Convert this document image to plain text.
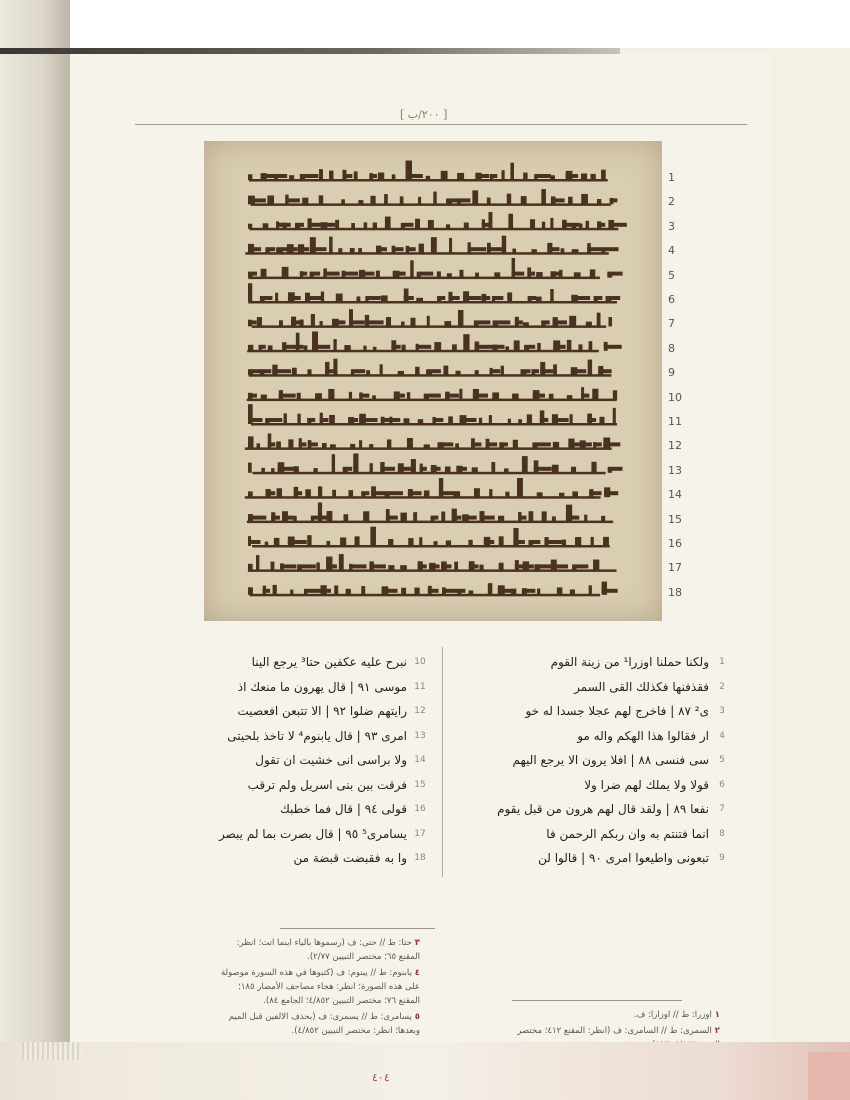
[ ٢٠٠/ب ]
1
2
3
4
5
6
7
8
9
10
11
12
13
14
15
16
17
18
1
ولكنا حملنا اوزرا¹ من زينة القوم
2
فقذفنها فكذلك القى السمر
3
ى² ٨٧ | فاخرج لهم عجلا جسدا له خو
4
ار فقالوا هذا الهكم واله مو
5
سى فنسى ٨٨ | افلا يرون الا يرجع اليهم
6
قولا ولا يملك لهم ضرا ولا
7
نفعا ٨٩ | ولقد قال لهم هرون من قبل يقوم
8
انما فتنتم به وان ربكم الرحمن فا
9
تبعونى واطيعوا امرى ٩٠ | قالوا لن
10
نبرح عليه عكفين حتا³ يرجع الينا
11
موسى ٩١ | قال يهرون ما منعك اذ
12
رايتهم ضلوا ٩٢ | الا تتبعن افعصيت
13
امرى ٩٣ | قال يابنوم⁴ لا تاخذ بلحيتى
14
ولا براسى انى خشيت ان تقول
15
فرقت بين بنى اسريل ولم ترقب
16
قولى ٩٤ | قال فما خطبك
17
يسامرى⁵ ٩٥ | قال بصرت بما لم يبصر
18
وا به فقبضت قبضة من
٣ حتا: ط // حتى: ف (رسموها بالياء اينما اتت؛ انظر: المقنع ٦٥؛ مختصر التبيين ٢/٧٧).
٤ يابنوم: ط // يبنوم: ف (كتبوها في هذه السورة موصولة على هذه الصورة؛ انظر: هجاء مصاحف الأمصار ١٨٥؛ المقنع ٧٦؛ مختصر التبيين ٤/٨٥٢؛ الجامع ٨٤).
٥ يسامرى: ط // يسمرى: ف (بحذف الالفين قبل الميم وبعدها؛ انظر: مختصر التبيين ٤/٨٥٢).
١ اوزرا: ط // اوزارا: ف.
٢ السمرى: ط // السامرى: ف (انظر: المقنع ٤١٢؛ مختصر
٤٠٤
